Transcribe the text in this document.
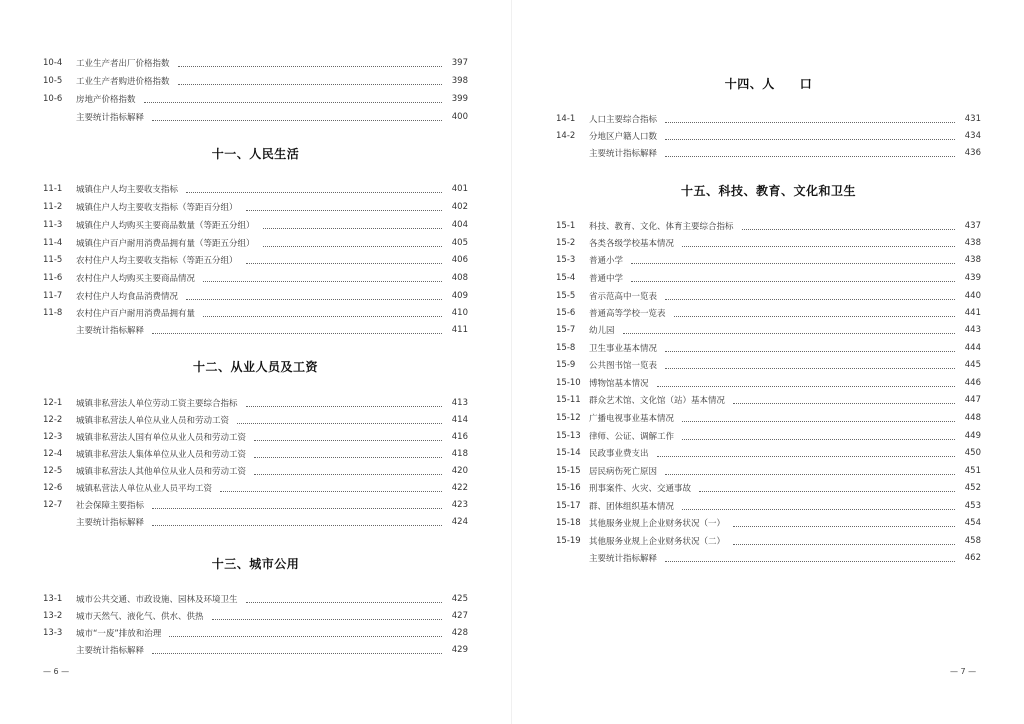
10-4	工业生产者出厂价格指数	397
10-5	工业生产者购进价格指数	398
10-6	房地产价格指数	399
主要统计指标解释	400
十一、人民生活
11-1	城镇住户人均主要收支指标	401
11-2	城镇住户人均主要收支指标（等距百分组）	402
11-3	城镇住户人均购买主要商品数量（等距五分组）	404
11-4	城镇住户百户耐用消费品拥有量（等距五分组）	405
11-5	农村住户人均主要收支指标（等距五分组）	406
11-6	农村住户人均购买主要商品情况	408
11-7	农村住户人均食品消费情况	409
11-8	农村住户百户耐用消费品拥有量	410
主要统计指标解释	411
十二、从业人员及工资
12-1	城镇非私营法人单位劳动工资主要综合指标	413
12-2	城镇非私营法人单位从业人员和劳动工资	414
12-3	城镇非私营法人国有单位从业人员和劳动工资	416
12-4	城镇非私营法人集体单位从业人员和劳动工资	418
12-5	城镇非私营法人其他单位从业人员和劳动工资	420
12-6	城镇私营法人单位从业人员平均工资	422
12-7	社会保障主要指标	423
主要统计指标解释	424
十三、城市公用
13-1	城市公共交通、市政设施、园林及环境卫生	425
13-2	城市天然气、液化气、供水、供热	427
13-3	城市“一废”排放和治理	428
主要统计指标解释	429
— 6 —
十四、人　　口
14-1	人口主要综合指标	431
14-2	分地区户籍人口数	434
主要统计指标解释	436
十五、科技、教育、文化和卫生
15-1	科技、教育、文化、体育主要综合指标	437
15-2	各类各级学校基本情况	438
15-3	普通小学	438
15-4	普通中学	439
15-5	省示范高中一览表	440
15-6	普通高等学校一览表	441
15-7	幼儿园	443
15-8	卫生事业基本情况	444
15-9	公共图书馆一览表	445
15-10 博物馆基本情况	446
15-11 群众艺术馆、文化馆（站）基本情况	447
15-12 广播电视事业基本情况	448
15-13 律师、公证、调解工作	449
15-14 民政事业费支出	450
15-15 居民病伤死亡原因	451
15-16 刑事案件、火灾、交通事故	452
15-17 群、团体组织基本情况	453
15-18 其他服务业规上企业财务状况（一）	454
15-19 其他服务业规上企业财务状况（二）	458
主要统计指标解释	462
— 7 —
